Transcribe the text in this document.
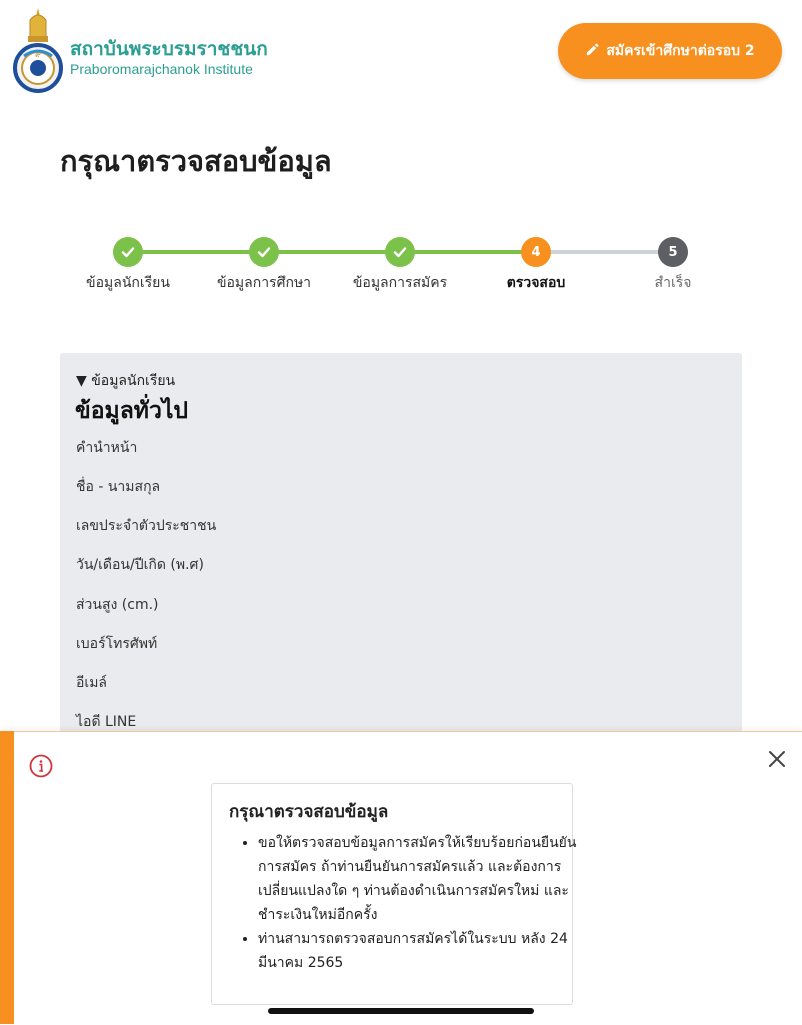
๙ สถาบันพระบรมราชชนก
Praboromarajchanok Institute
สมัครเข้าศึกษาต่อรอบ 2
กรุณาตรวจสอบข้อมูล
4	5
ข้อมูลนักเรียน	ข้อมูลการศึกษา	ข้อมูลการสมัคร	ตรวจสอบ	สำเร็จ
▼ ข้อมูลนักเรียน
ข้อมูลทั่วไป
คำนำหน้า
ชื่อ - นามสกุล
เลขประจำตัวประชาชน
วัน/เดือน/ปีเกิด (พ.ศ)
ส่วนสูง (cm.)
เบอร์โทรศัพท์
อีเมล์
ไอดี LINE
กรุณาตรวจสอบข้อมูล
• ขอให้ตรวจสอบข้อมูลการสมัครให้เรียบร้อยก่อนยืนยันการสมัคร ถ้าท่านยืนยันการสมัครแล้ว และต้องการเปลี่ยนแปลงใด ๆ ท่านต้องดำเนินการสมัครใหม่ และ ชำระเงินใหม่อีกครั้ง
• ท่านสามารถตรวจสอบการสมัครได้ในระบบ หลัง 24 มีนาคม 2565
